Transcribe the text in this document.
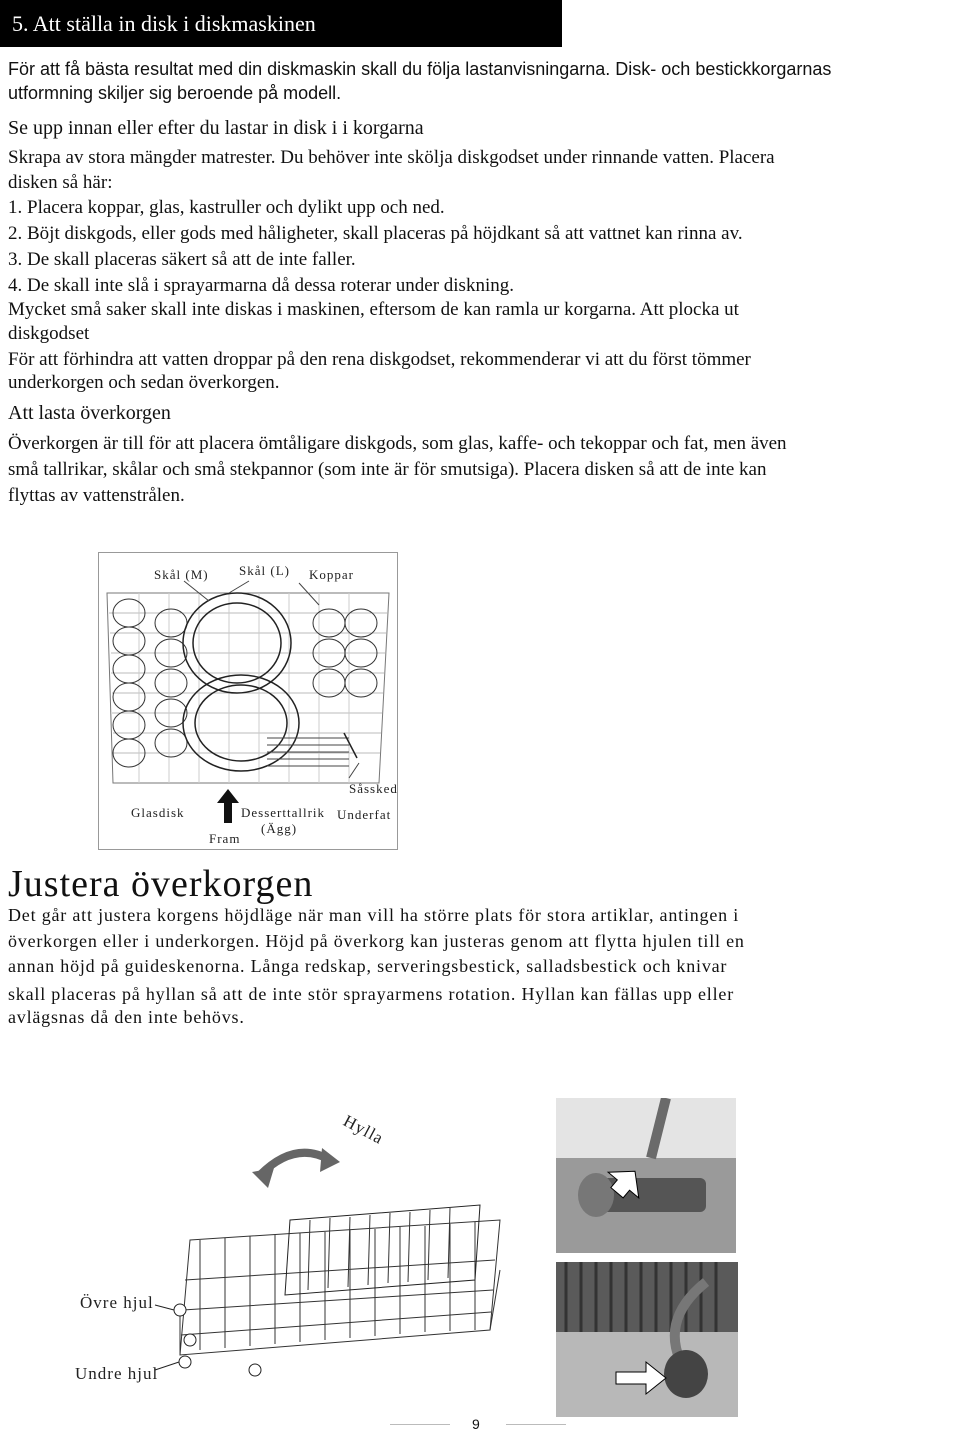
5. Att ställa in disk i diskmaskinen
För att få bästa resultat med din diskmaskin skall du följa lastanvisningarna. Disk- och bestickkorgarnas
utformning skiljer sig beroende på modell.
Se upp innan eller efter du lastar in disk i i korgarna
Skrapa av stora mängder matrester. Du behöver inte skölja diskgodset under rinnande vatten. Placera
disken så här:
1. Placera koppar, glas, kastruller och dylikt upp och ned.
2. Böjt diskgods, eller gods med håligheter, skall placeras på höjdkant så att vattnet kan rinna av.
3. De skall placeras säkert så att de inte faller.
4. De skall inte slå i sprayarmarna då dessa roterar under diskning.
Mycket små saker skall inte diskas i maskinen, eftersom de kan ramla ur korgarna. Att plocka ut
diskgodset
För att förhindra att vatten droppar på den rena diskgodset, rekommenderar vi att du först tömmer
underkorgen och sedan överkorgen.
Att lasta överkorgen
Överkorgen är till för att placera ömtåligare diskgods, som glas, kaffe- och tekoppar och fat, men även
små tallrikar, skålar och små stekpannor (som inte är för smutsiga). Placera disken så att de inte kan
flyttas av vattenstrålen.
Skål (M) Skål (L) Koppar
Såssked
Glasdisk	Desserttallrik
(Ägg)
Underfat
Fram
Justera överkorgen
Det går att justera korgens höjdläge när man vill ha större plats för stora artiklar, antingen i
överkorgen eller i underkorgen. Höjd på överkorg kan justeras genom att flytta hjulen till en
annan höjd på guideskenorna. Långa redskap, serveringsbestick, salladsbestick och knivar
skall placeras på hyllan så att de inte stör sprayarmens rotation. Hyllan kan fällas upp eller
avlägsnas då den inte behövs.
Hylla
Övre hjul
Undre hjul
9
